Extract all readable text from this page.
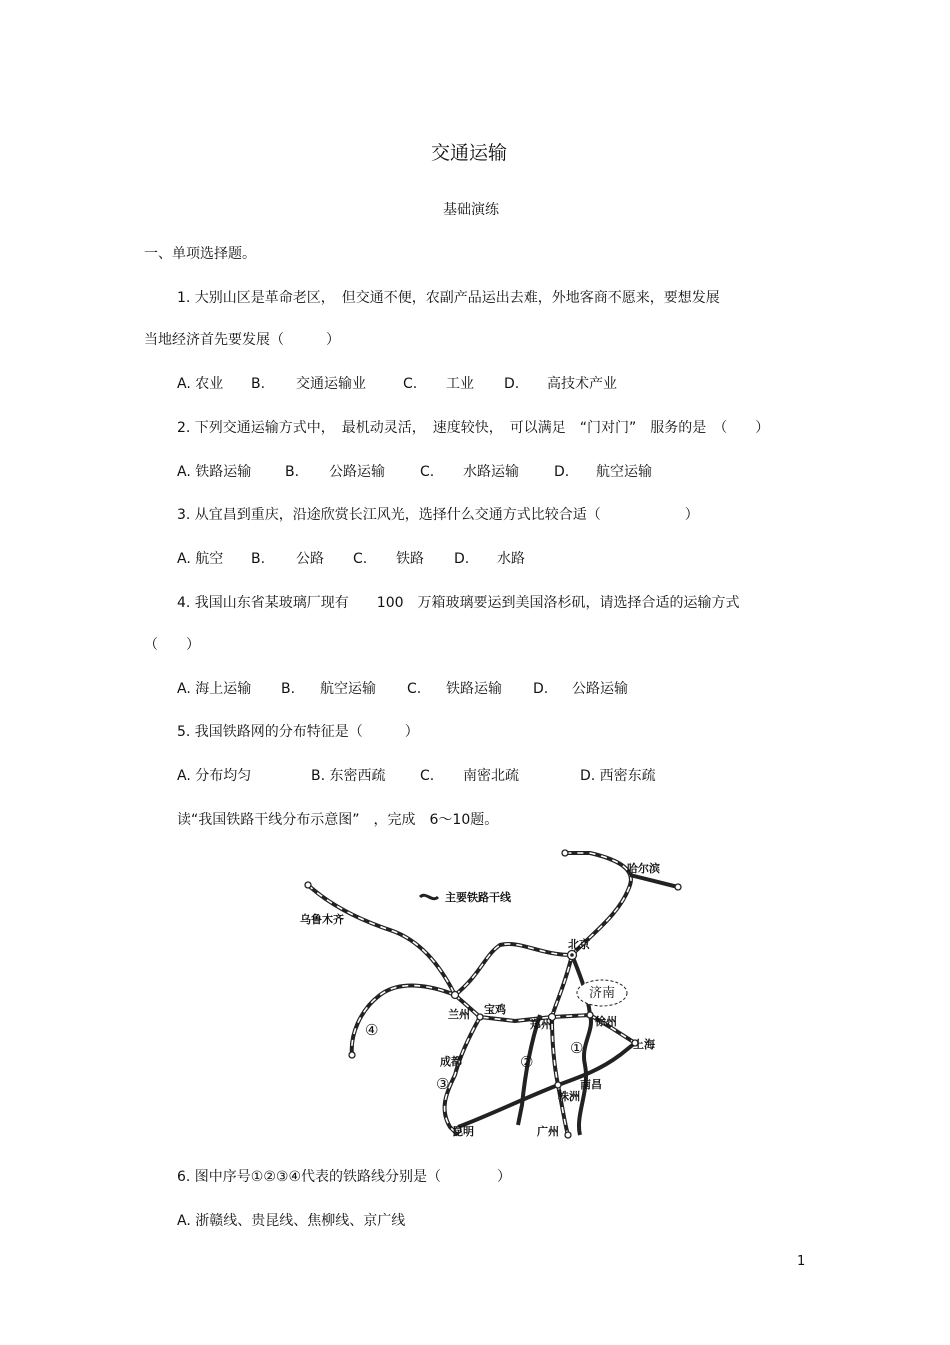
交通运输
基础演练
一、单项选择题。
1. 大别山区是革命老区，　但交通不便，农副产品运出去难，外地客商不愿来，要想发展
当地经济首先要发展（　　　）
A. 农业 B. 交通运输业	C. 工业 D. 高技术产业
2. 下列交通运输方式中，　最机动灵活，　速度较快，　可以满足　“门对门”　服务的是　（　　）
A. 铁路运输 B. 公路运输	C. 水路运输	D. 航空运输
3. 从宜昌到重庆，沿途欣赏长江风光，选择什么交通方式比较合适（　　　　　　）
A. 航空 B. 公路 C. 铁路 D. 水路
4. 我国山东省某玻璃厂现有　　100　万箱玻璃要运到美国洛杉矶，请选择合适的运输方式
（　　）
A. 海上运输 B. 航空运输 C. 铁路运输 D. 公路运输
5. 我国铁路网的分布特征是（　　　）
A. 分布均匀	B. 东密西疏 C. 南密北疏	D. 西密东疏
读“我国铁路干线分布示意图”　，完成　6～10题。
主要铁路干线
哈尔滨
乌鲁木齐
北京
济南
兰州 宝鸡
郑州	徐州
上海
成都
南昌
株洲
昆明	广州
①
②
③
④
6. 图中序号①②③④代表的铁路线分别是（　　　　）
A. 浙赣线、贵昆线、焦柳线、京广线
1
